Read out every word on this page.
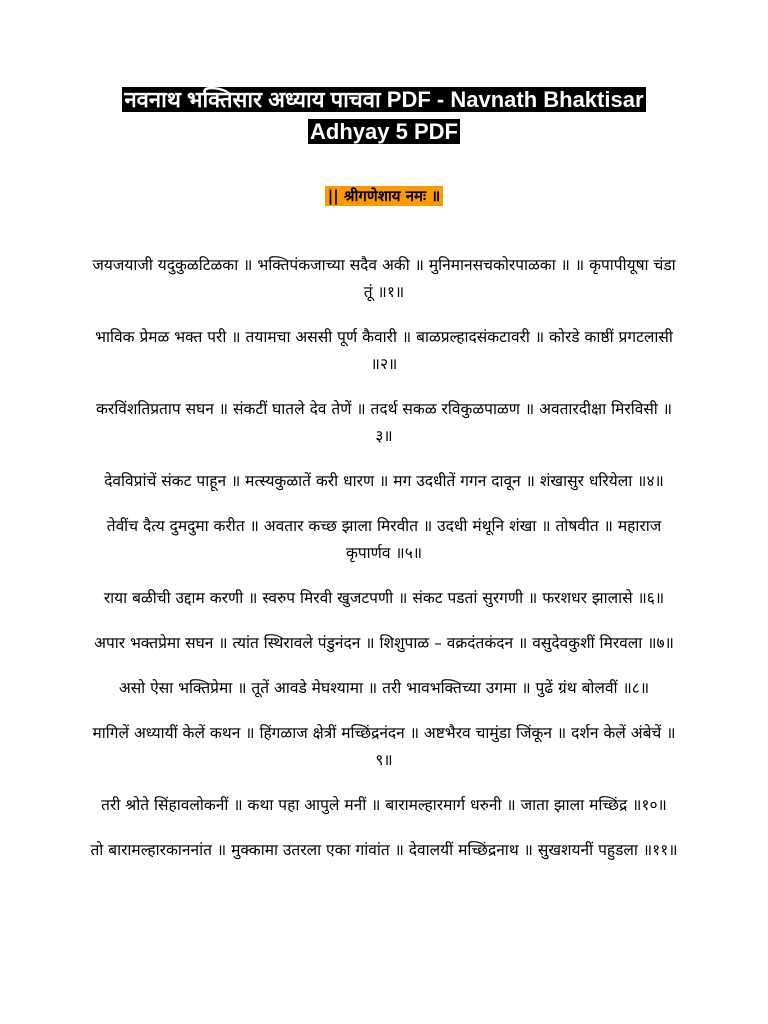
नवनाथ भक्तिसार अध्याय पाचवा PDF - Navnath Bhaktisar Adhyay 5 PDF
|| श्रीगणेशाय नमः ॥
जयजयाजी यदुकुळटिळका ॥ भक्तिपंकजाच्या सदैव अकी ॥ मुनिमानसचकोरपाळका ॥ ॥ कृपापीयूषा चंडा तूं ॥१॥
भाविक प्रेमळ भक्त परी ॥ तयामचा अससी पूर्ण कैवारी ॥ बाळप्रल्हादसंकटावरी ॥ कोरडे काष्ठीं प्रगटलासी ॥२॥
करविंशतिप्रताप सघन ॥ संकटीं घातले देव तेणें ॥ तदर्थ सकळ रविकुळपाळण ॥ अवतारदीक्षा मिरविसी ॥३॥
देवविप्रांचें संकट पाहून ॥ मत्स्यकुळातें करी धारण ॥ मग उदधीतें गगन दावून ॥ शंखासुर धरियेला ॥४॥
तेवींच दैत्य दुमदुमा करीत ॥ अवतार कच्छ झाला मिरवीत ॥ उदधी मंथूनि शंखा ॥ तोषवीत ॥ महाराज कृपार्णव ॥५॥
राया बळीची उद्दाम करणी ॥ स्वरुप मिरवी खुजटपणी ॥ संकट पडतां सुरगणी ॥ फरशधर झालासे ॥६॥
अपार भक्तप्रेमा सघन ॥ त्यांत स्थिरावले पंडुनंदन ॥ शिशुपाळ – वक्रदंतकंदन ॥ वसुदेवकुशीं मिरवला ॥७॥
असो ऐसा भक्तिप्रेमा ॥ तूतें आवडे मेघश्यामा ॥ तरी भावभक्तिच्या उगमा ॥ पुढें ग्रंथ बोलवीं ॥८॥
मागिलें अध्यायीं केलें कथन ॥ हिंगळाज क्षेत्रीं मच्छिंद्रनंदन ॥ अष्टभैरव चामुंडा जिंकून ॥ दर्शन केलें अंबेचें ॥९॥
तरी श्रोते सिंहावलोकनीं ॥ कथा पहा आपुले मनीं ॥ बारामल्हारमार्ग धरुनी ॥ जाता झाला मच्छिंद्र ॥१०॥
तो बारामल्हारकाननांत ॥ मुक्कामा उतरला एका गांवांत ॥ देवालयीं मच्छिंद्रनाथ ॥ सुखशयनीं पहुडला ॥११॥
